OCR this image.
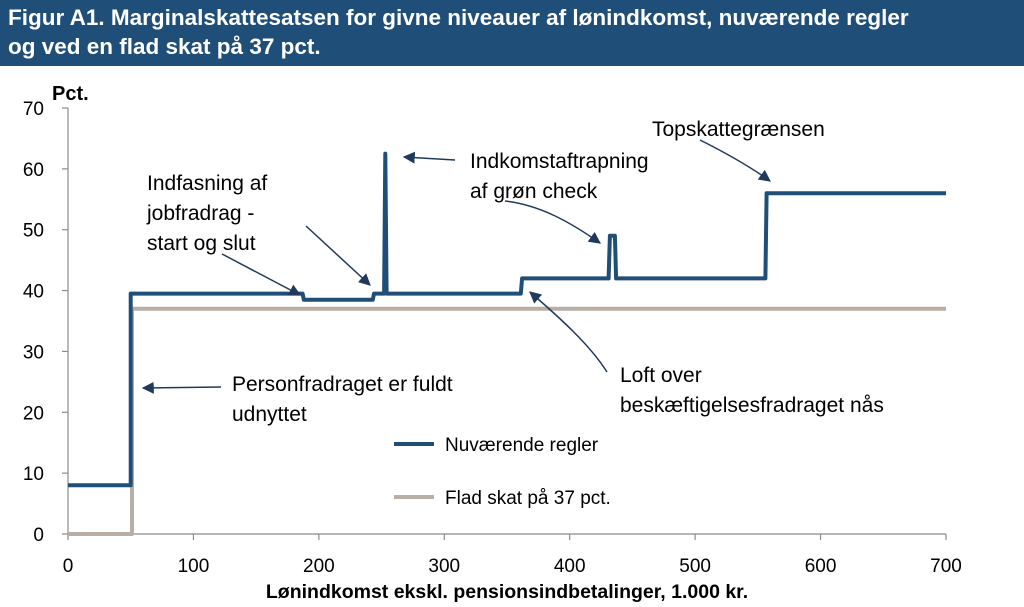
Figur A1. Marginalskattesatsen for givne niveauer af lønindkomst, nuværende regler
og ved en flad skat på 37 pct.
0
10
20
30
40
50
60
70
0	100	200	300	400	500	600	700
Pct.
Lønindkomst ekskl. pensionsindbetalinger, 1.000 kr.
Indfasning af
jobfradrag -
start og slut
Indkomstaftrapning
af grøn check
Topskattegrænsen
Personfradraget er fuldt
udnyttet
Loft over
beskæftigelsesfradraget nås
Nuværende regler
Flad skat på 37 pct.
